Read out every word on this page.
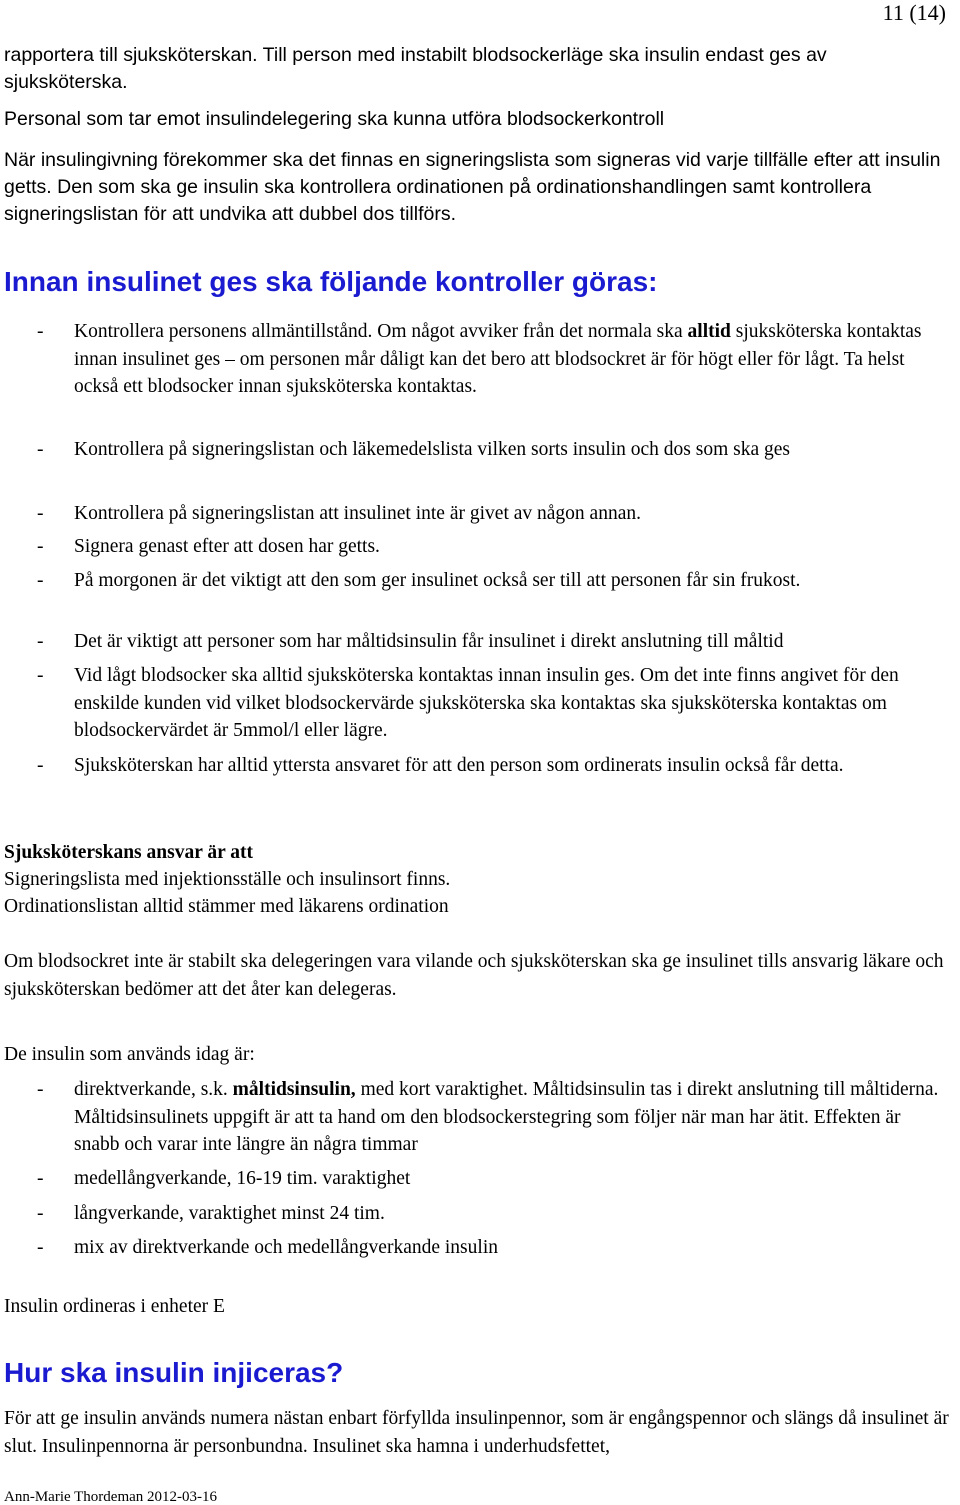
11 (14)

rapportera till sjuksköterskan. Till person med instabilt blodsockerläge ska insulin endast ges av sjuksköterska.

Personal som tar emot insulindelegering ska kunna utföra blodsockerkontroll

När insulingivning förekommer ska det finnas en signeringslista som signeras vid varje tillfälle efter att insulin getts. Den som ska ge insulin ska kontrollera ordinationen på ordinationshandlingen samt kontrollera signeringslistan för att undvika att dubbel dos tillförs.

Innan insulinet ges ska följande kontroller göras:
- Kontrollera personens allmäntillstånd. Om något avviker från det normala ska alltid sjuksköterska kontaktas innan insulinet ges – om personen mår dåligt kan det bero att blodsockret är för högt eller för lågt. Ta helst också ett blodsocker innan sjuksköterska kontaktas.
- Kontrollera på signeringslistan och läkemedelslista vilken sorts insulin och dos som ska ges
- Kontrollera på signeringslistan att insulinet inte är givet av någon annan.
- Signera genast efter att dosen har getts.
- På morgonen är det viktigt att den som ger insulinet också ser till att personen får sin frukost.
- Det är viktigt att personer som har måltidsinsulin får insulinet i direkt anslutning till måltid
- Vid lågt blodsocker ska alltid sjuksköterska kontaktas innan insulin ges. Om det inte finns angivet för den enskilde kunden vid vilket blodsockervärde sjuksköterska ska kontaktas ska sjuksköterska kontaktas om blodsockervärdet är 5mmol/l eller lägre.
- Sjuksköterskan har alltid yttersta ansvaret för att den person som ordinerats insulin också får detta.

Sjuksköterskans ansvar är att

Signeringslista med injektionsställe och insulinsort finns.

Ordinationslistan alltid stämmer med läkarens ordination

Om blodsockret inte är stabilt ska delegeringen vara vilande och sjuksköterskan ska ge insulinet tills ansvarig läkare och sjuksköterskan bedömer att det åter kan delegeras.

De insulin som används idag är:

- direktverkande, s.k. måltidsinsulin, med kort varaktighet. Måltidsinsulin tas i direkt anslutning till måltiderna. Måltidsinsulinets uppgift är att ta hand om den blodsockerstegring som följer när man har ätit. Effekten är snabb och varar inte längre än några timmar
- medellångverkande, 16-19 tim. varaktighet
- långverkande, varaktighet minst 24 tim.
- mix av direktverkande och medellångverkande insulin

Insulin ordineras i enheter E

Hur ska insulin injiceras?

För att ge insulin används numera nästan enbart förfyllda insulinpennor, som är engångspennor och slängs då insulinet är slut. Insulinpennorna är personbundna. Insulinet ska hamna i underhudsfettet,

Ann-Marie Thordeman 2012-03-16
